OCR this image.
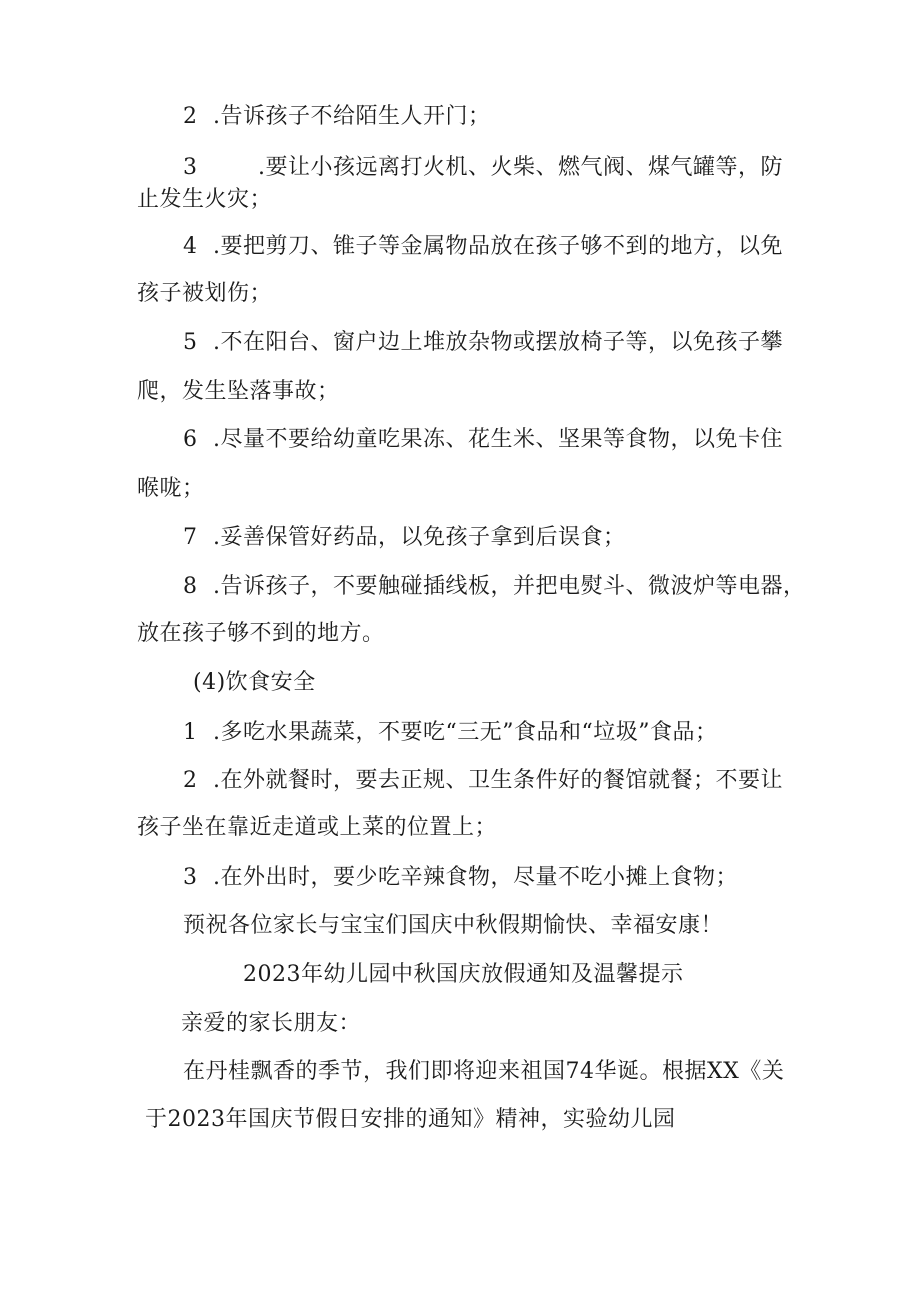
2 .告诉孩子不给陌生人开门；
3	.要让小孩远离打火机、火柴、燃气阀、煤气罐等，防
止发生火灾；
4 .要把剪刀、锥子等金属物品放在孩子够不到的地方，以免
孩子被划伤；
5 .不在阳台、窗户边上堆放杂物或摆放椅子等，以免孩子攀
爬，发生坠落事故；
6 .尽量不要给幼童吃果冻、花生米、坚果等食物，以免卡住
喉咙；
7 .妥善保管好药品，以免孩子拿到后误食；
8 .告诉孩子，不要触碰插线板，并把电熨斗、微波炉等电器，
放在孩子够不到的地方。
(4)饮食安全
1 .多吃水果蔬菜，不要吃“三无”食品和“垃圾”食品；
2 .在外就餐时，要去正规、卫生条件好的餐馆就餐；不要让
孩子坐在靠近走道或上菜的位置上；
3 .在外出时，要少吃辛辣食物，尽量不吃小摊上食物；
预祝各位家长与宝宝们国庆中秋假期愉快、幸福安康！
2023年幼儿园中秋国庆放假通知及温馨提示
亲爱的家长朋友：
在丹桂飘香的季节，我们即将迎来祖国74华诞。根据XX《关
于2023年国庆节假日安排的通知》精神，实验幼儿园
